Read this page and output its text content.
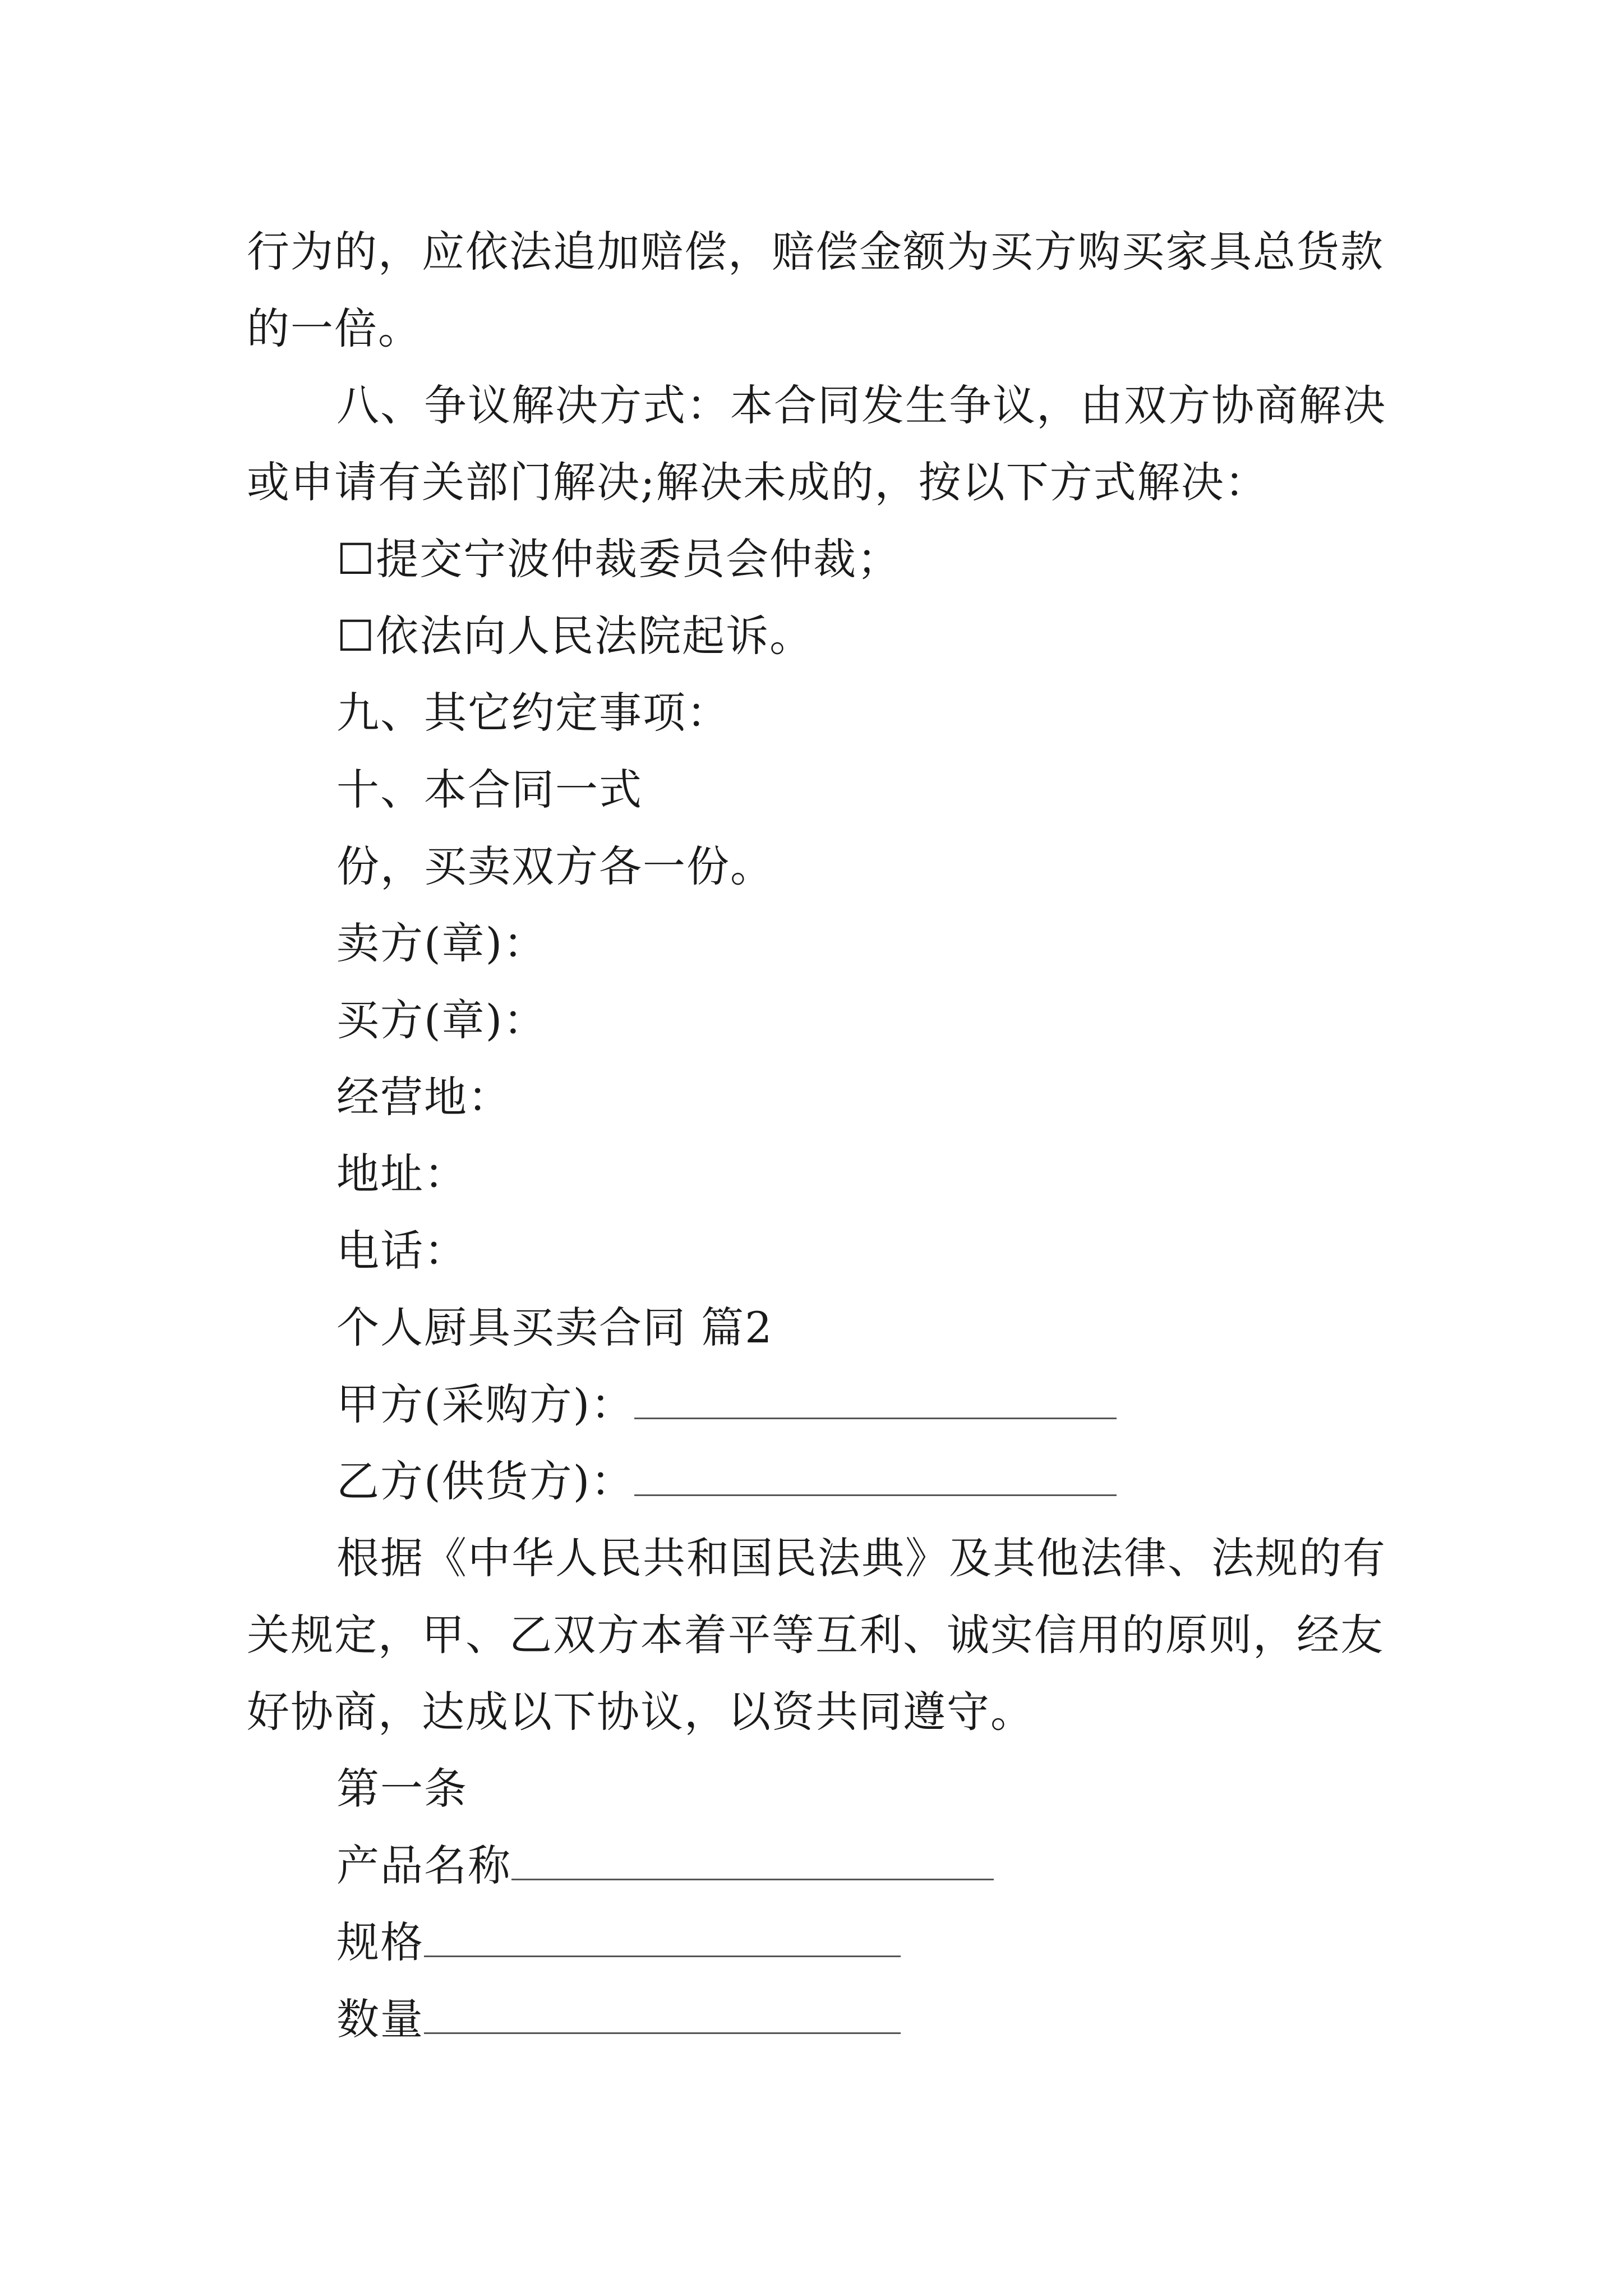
行为的，应依法追加赔偿，赔偿金额为买方购买家具总货款
的一倍。
八、争议解决方式：本合同发生争议，由双方协商解决
或申请有关部门解决;解决未成的，按以下方式解决：
☐提交宁波仲裁委员会仲裁；
☐依法向人民法院起诉。
九、其它约定事项：
十、本合同一式
份，买卖双方各一份。
卖方(章)：
买方(章)：
经营地：
地址：
电话：
个人厨具买卖合同 篇2
甲方(采购方)：
乙方(供货方)：
根据《中华人民共和国民法典》及其他法律、法规的有
关规定，甲、乙双方本着平等互利、诚实信用的原则，经友
好协商，达成以下协议，以资共同遵守。
第一条
产品名称
规格
数量
